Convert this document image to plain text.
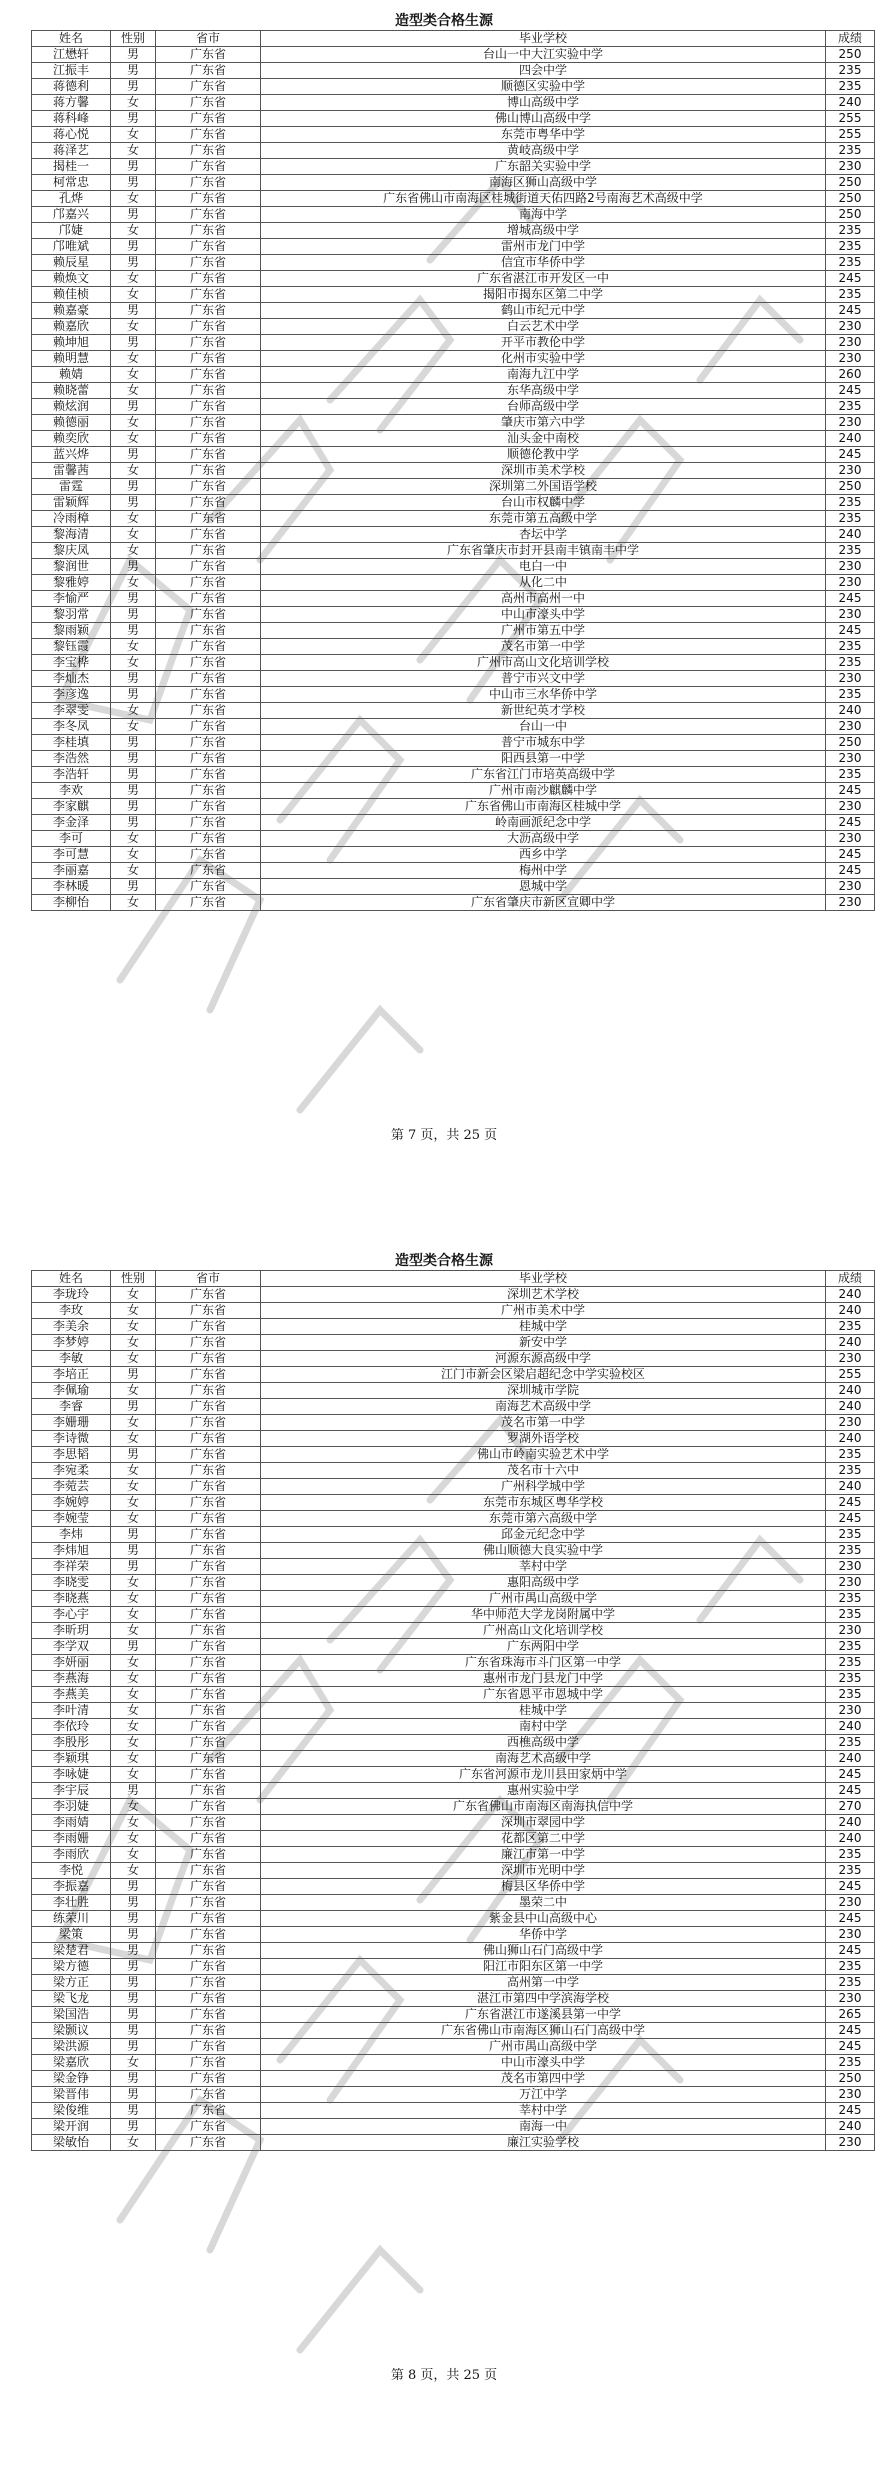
造型类合格生源
姓名	性别	省市	毕业学校	成绩
江懋轩	男	广东省	台山一中大江实验中学	250
江振丰	男	广东省	四会中学	235
蒋德利	男	广东省	顺德区实验中学	235
蒋方馨	女	广东省	博山高级中学	240
蒋科峰	男	广东省	佛山博山高级中学	255
蒋心悦	女	广东省	东莞市粤华中学	255
蒋泽艺	女	广东省	黄岐高级中学	235
揭桂一	男	广东省	广东韶关实验中学	230
柯常忠	男	广东省	南海区狮山高级中学	250
孔烨	女	广东省	广东省佛山市南海区桂城街道天佑四路2号南海艺术高级中学	250
邝嘉兴	男	广东省	南海中学	250
邝婕	女	广东省	增城高级中学	235
邝唯斌	男	广东省	雷州市龙门中学	235
赖辰星	男	广东省	信宜市华侨中学	235
赖焕文	女	广东省	广东省湛江市开发区一中	245
赖佳桢	女	广东省	揭阳市揭东区第二中学	235
赖嘉豪	男	广东省	鹤山市纪元中学	245
赖嘉欣	女	广东省	白云艺术中学	230
赖坤旭	男	广东省	开平市教伦中学	230
赖明慧	女	广东省	化州市实验中学	230
赖婧	女	广东省	南海九江中学	260
赖晓蕾	女	广东省	东华高级中学	245
赖炫润	男	广东省	台师高级中学	235
赖德丽	女	广东省	肇庆市第六中学	230
赖奕欣	女	广东省	汕头金中南校	240
蓝兴烨	男	广东省	顺德伦教中学	245
雷馨茜	女	广东省	深圳市美术学校	230
雷霆	男	广东省	深圳第二外国语学校	250
雷颖辉	男	广东省	台山市权麟中学	235
冷雨樟	女	广东省	东莞市第五高级中学	235
黎海清	女	广东省	杏坛中学	240
黎庆凤	女	广东省	广东省肇庆市封开县南丰镇南丰中学	235
黎润世	男	广东省	电白一中	230
黎雅婷	女	广东省	从化二中	230
李愉严	男	广东省	高州市高州一中	245
黎羽常	男	广东省	中山市濠头中学	230
黎雨颖	男	广东省	广州市第五中学	245
黎钰霞	女	广东省	茂名市第一中学	235
李宝桦	女	广东省	广州市高山文化培训学校	235
李灿杰	男	广东省	普宁市兴文中学	230
李彦逸	男	广东省	中山市三水华侨中学	235
李翠雯	女	广东省	新世纪英才学校	240
李冬凤	女	广东省	台山一中	230
李桂填	男	广东省	普宁市城东中学	250
李浩然	男	广东省	阳西县第一中学	230
李浩轩	男	广东省	广东省江门市培英高级中学	235
李欢	男	广东省	广州市南沙麒麟中学	245
李家麒	男	广东省	广东省佛山市南海区桂城中学	230
李金泽	男	广东省	岭南画派纪念中学	245
李可	女	广东省	大沥高级中学	230
李可慧	女	广东省	西乡中学	245
李丽嘉	女	广东省	梅州中学	245
李林暖	男	广东省	恩城中学	230
李柳怡	女	广东省	广东省肇庆市新区宣卿中学	230
第 7 页，共 25 页
造型类合格生源
姓名	性别	省市	毕业学校	成绩
李珑玲	女	广东省	深圳艺术学校	240
李玫	女	广东省	广州市美术中学	240
李美余	女	广东省	桂城中学	235
李梦婷	女	广东省	新安中学	240
李敏	女	广东省	河源东源高级中学	230
李培正	男	广东省	江门市新会区梁启超纪念中学实验校区	255
李佩瑜	女	广东省	深圳城市学院	240
李睿	男	广东省	南海艺术高级中学	240
李姗珊	女	广东省	茂名市第一中学	230
李诗微	女	广东省	罗湖外语学校	240
李思韬	男	广东省	佛山市岭南实验艺术中学	235
李宛柔	女	广东省	茂名市十六中	235
李菀芸	女	广东省	广州科学城中学	240
李婉婷	女	广东省	东莞市东城区粤华学校	245
李婉莹	女	广东省	东莞市第六高级中学	245
李炜	男	广东省	邱金元纪念中学	235
李炜旭	男	广东省	佛山顺德大良实验中学	235
李祥荣	男	广东省	莘村中学	230
李晓雯	女	广东省	惠阳高级中学	230
李晓燕	女	广东省	广州市禺山高级中学	235
李心宇	女	广东省	华中师范大学龙岗附属中学	235
李昕玥	女	广东省	广州高山文化培训学校	230
李学双	男	广东省	广东两阳中学	235
李妍丽	女	广东省	广东省珠海市斗门区第一中学	235
李燕海	女	广东省	惠州市龙门县龙门中学	235
李燕美	女	广东省	广东省恩平市恩城中学	235
李叶清	女	广东省	桂城中学	230
李依玲	女	广东省	南村中学	240
李殷彤	女	广东省	西樵高级中学	235
李颖琪	女	广东省	南海艺术高级中学	240
李咏婕	女	广东省	广东省河源市龙川县田家炳中学	245
李宇辰	男	广东省	惠州实验中学	245
李羽婕	女	广东省	广东省佛山市南海区南海执信中学	270
李雨婧	女	广东省	深圳市翠园中学	240
李雨姗	女	广东省	花都区第二中学	240
李雨欣	女	广东省	廉江市第一中学	235
李悦	女	广东省	深圳市光明中学	235
李振嘉	男	广东省	梅县区华侨中学	245
李壮胜	男	广东省	墨荣二中	230
练荣川	男	广东省	紫金县中山高级中心	245
梁策	男	广东省	华侨中学	230
梁楚君	男	广东省	佛山狮山石门高级中学	245
梁方德	男	广东省	阳江市阳东区第一中学	235
梁方正	男	广东省	高州第一中学	235
梁飞龙	男	广东省	湛江市第四中学滨海学校	230
梁国浩	男	广东省	广东省湛江市遂溪县第一中学	265
梁颢议	男	广东省	广东省佛山市南海区狮山石门高级中学	245
梁洪源	男	广东省	广州市禺山高级中学	245
梁嘉欣	女	广东省	中山市濠头中学	235
梁金铮	男	广东省	茂名市第四中学	250
梁晋伟	男	广东省	万江中学	230
梁俊维	男	广东省	莘村中学	245
梁开润	男	广东省	南海一中	240
梁敏怡	女	广东省	廉江实验学校	230
第 8 页，共 25 页
